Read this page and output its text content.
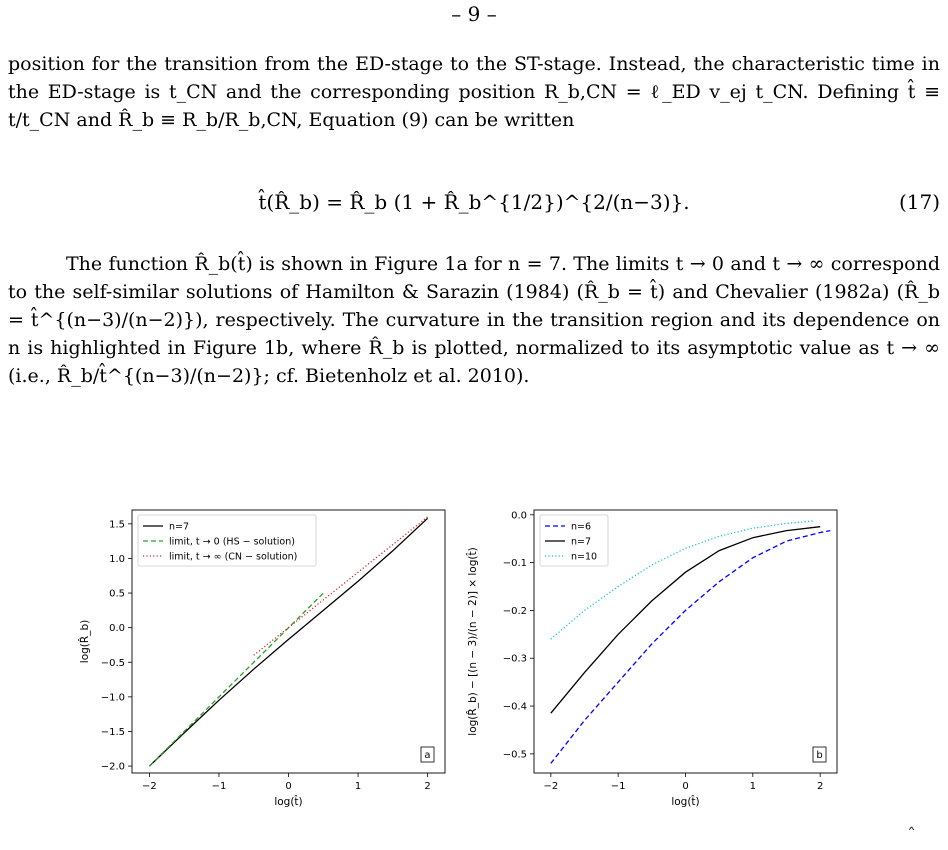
– 9 –

position for the transition from the ED-stage to the ST-stage. Instead, the characteristic time in the ED-stage is t_CN and the corresponding position R_b,CN = ℓ_ED v_ej t_CN. Defining t̂ ≡ t/t_CN and R̂_b ≡ R_b/R_b,CN, Equation (9) can be written

t̂(R̂_b) = R̂_b (1 + R̂_b^{1/2})^{2/(n−3)}.	(17)

The function R̂_b(t̂) is shown in Figure 1a for n = 7. The limits t → 0 and t → ∞ correspond to the self-similar solutions of Hamilton & Sarazin (1984) (R̂_b = t̂) and Chevalier (1982a) (R̂_b = t̂^{(n−3)/(n−2)}), respectively. The curvature in the transition region and its dependence on n is highlighted in Figure 1b, where R̂_b is plotted, normalized to its asymptotic value as t → ∞ (i.e., R̂_b/t̂^{(n−3)/(n−2)}; cf. Bietenholz et al. 2010).

−2	−1	0	1	2
−2.0
−1.5
−1.0
−0.5
0.0
0.5
1.0
1.5
log(t̂)
log(R̂_b)
n=7
limit, t → 0 (HS − solution)
limit, t → ∞ (CN − solution)
a
−2	−1	0	1	2
−0.5
−0.4
−0.3
−0.2
−0.1
0.0
log(t̂)
log(R̂_b) − [(n − 3)/(n − 2)] × log(t̂)
n=6
n=7
n=10
b
ˆ
